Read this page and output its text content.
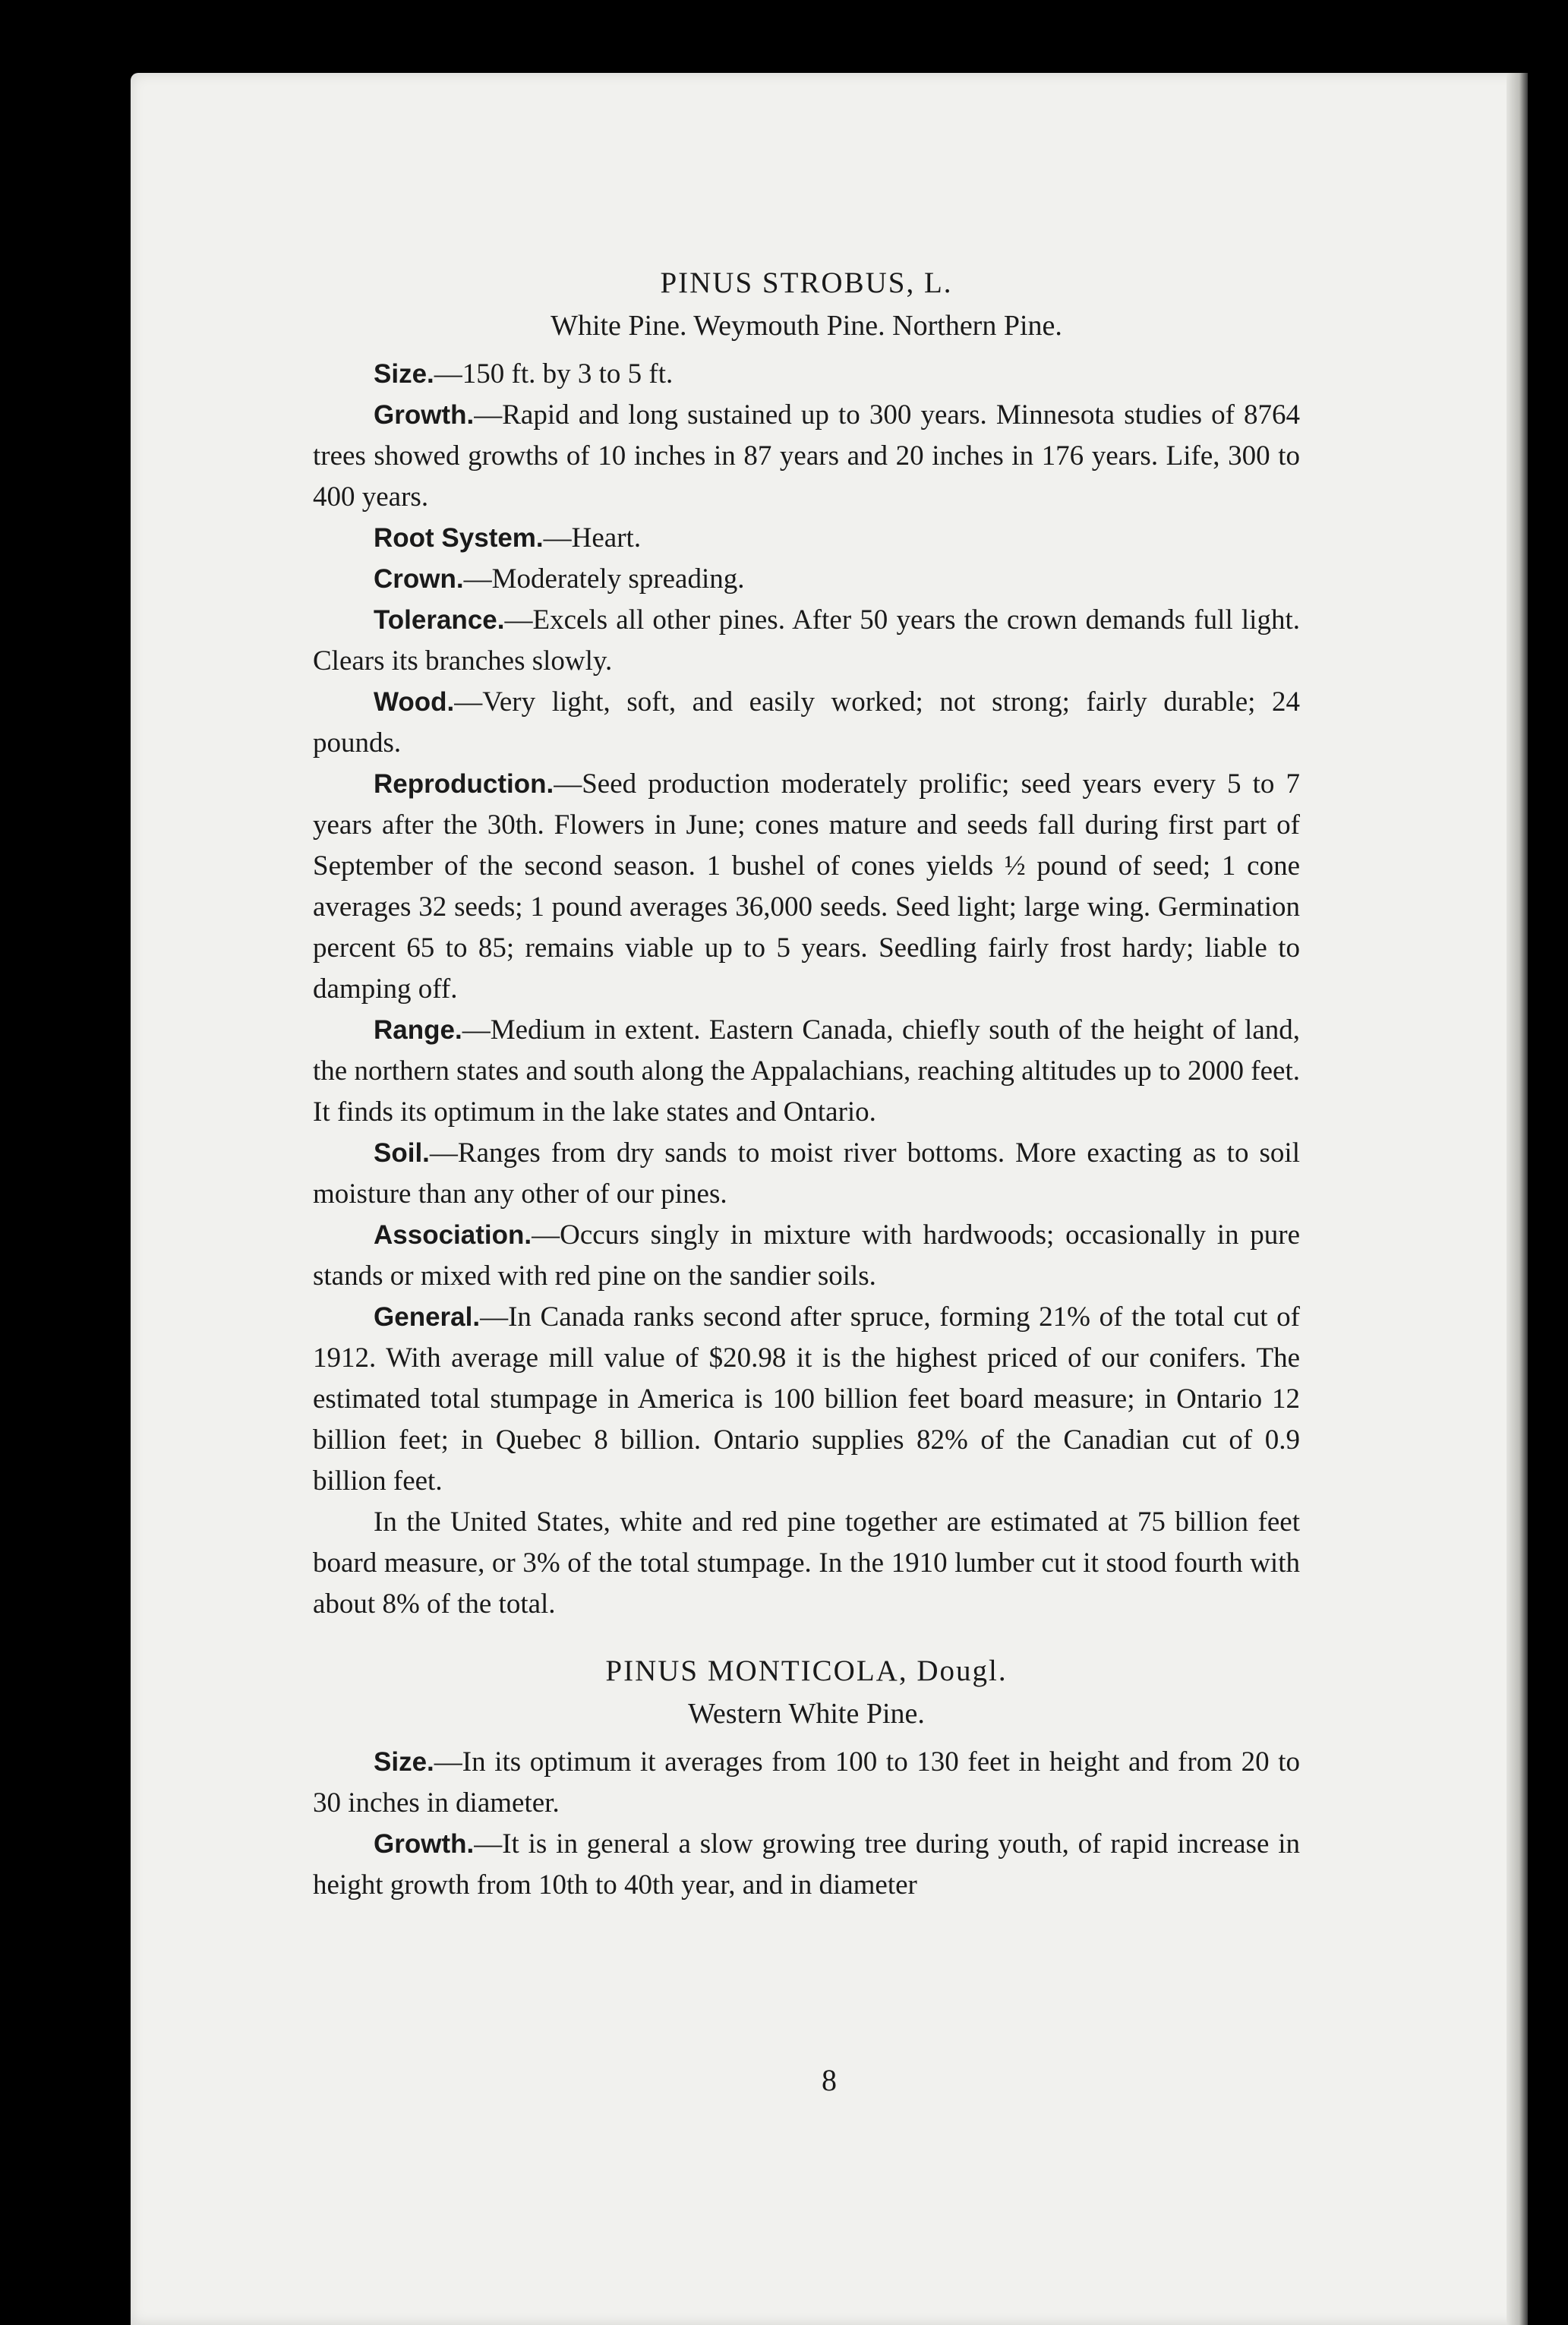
PINUS STROBUS, L.

White Pine. Weymouth Pine. Northern Pine.

Size.—150 ft. by 3 to 5 ft.

Growth.—Rapid and long sustained up to 300 years. Minnesota studies of 8764 trees showed growths of 10 inches in 87 years and 20 inches in 176 years. Life, 300 to 400 years.

Root System.—Heart.

Crown.—Moderately spreading.

Tolerance.—Excels all other pines. After 50 years the crown demands full light. Clears its branches slowly.

Wood.—Very light, soft, and easily worked; not strong; fairly durable; 24 pounds.

Reproduction.—Seed production moderately prolific; seed years every 5 to 7 years after the 30th. Flowers in June; cones mature and seeds fall during first part of September of the second season. 1 bushel of cones yields ½ pound of seed; 1 cone averages 32 seeds; 1 pound averages 36,000 seeds. Seed light; large wing. Germination percent 65 to 85; remains viable up to 5 years. Seedling fairly frost hardy; liable to damping off.

Range.—Medium in extent. Eastern Canada, chiefly south of the height of land, the northern states and south along the Appalachians, reaching altitudes up to 2000 feet. It finds its optimum in the lake states and Ontario.

Soil.—Ranges from dry sands to moist river bottoms. More exacting as to soil moisture than any other of our pines.

Association.—Occurs singly in mixture with hardwoods; occasionally in pure stands or mixed with red pine on the sandier soils.

General.—In Canada ranks second after spruce, forming 21% of the total cut of 1912. With average mill value of $20.98 it is the highest priced of our conifers. The estimated total stumpage in America is 100 billion feet board measure; in Ontario 12 billion feet; in Quebec 8 billion. Ontario supplies 82% of the Canadian cut of 0.9 billion feet.

In the United States, white and red pine together are estimated at 75 billion feet board measure, or 3% of the total stumpage. In the 1910 lumber cut it stood fourth with about 8% of the total.

PINUS MONTICOLA, Dougl.

Western White Pine.

Size.—In its optimum it averages from 100 to 130 feet in height and from 20 to 30 inches in diameter.

Growth.—It is in general a slow growing tree during youth, of rapid increase in height growth from 10th to 40th year, and in diameter

8
